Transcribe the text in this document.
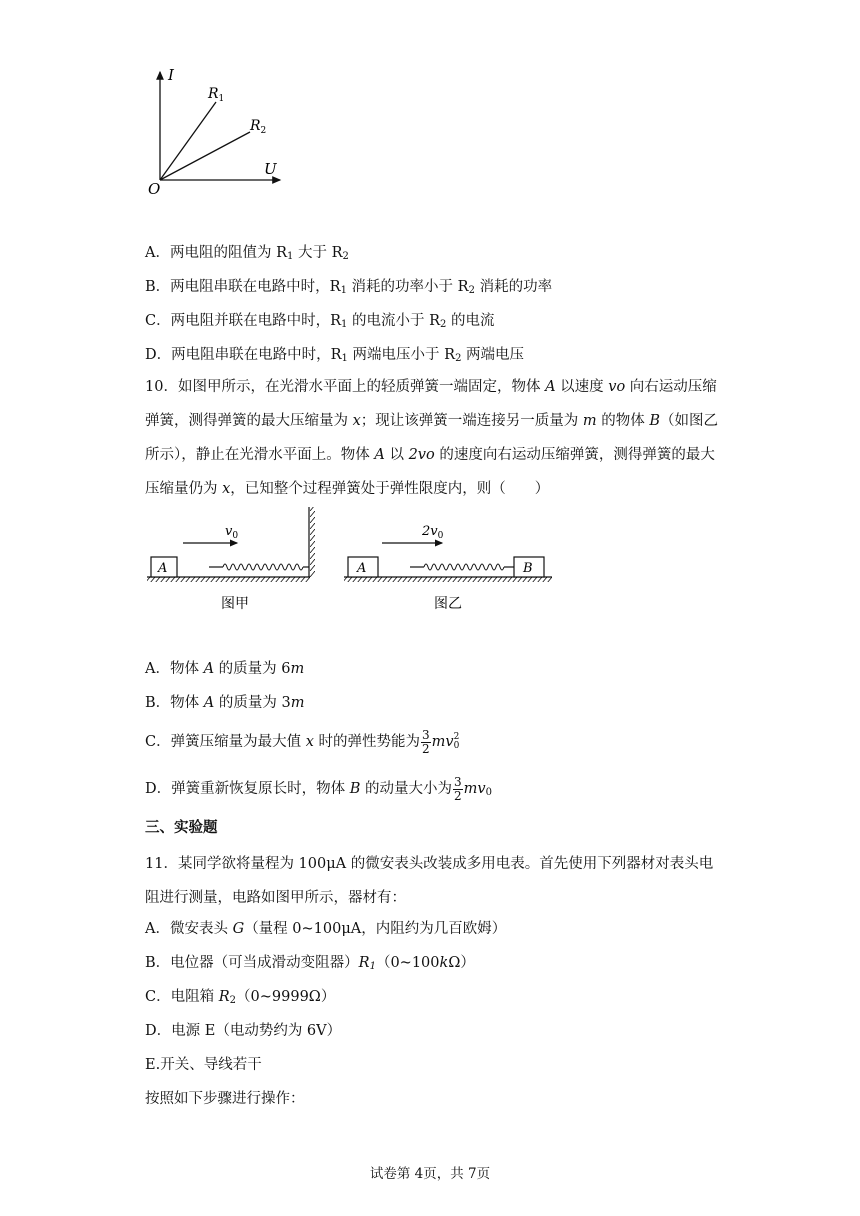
I
U
O
$R_1$
$R_2$
A．两电阻的阻值为 $R_1$ 大于 $R_2$
B．两电阻串联在电路中时，$R_1$ 消耗的功率小于 $R_2$ 消耗的功率
C．两电阻并联在电路中时，$R_1$ 的电流小于 $R_2$ 的电流
D．两电阻串联在电路中时，$R_1$ 两端电压小于 $R_2$ 两端电压
10．如图甲所示，在光滑水平面上的轻质弹簧一端固定，物体 A 以速度 vo 向右运动压缩弹簧，测得弹簧的最大压缩量为 x；现让该弹簧一端连接另一质量为 m 的物体 B（如图乙所示），静止在光滑水平面上。物体 A 以 2vo 的速度向右运动压缩弹簧，测得弹簧的最大压缩量仍为 x，已知整个过程弹簧处于弹性限度内，则（　　）
A
$v_0$
图甲
A	B
$2v_0$
图乙
A．物体 A 的质量为 6m
B．物体 A 的质量为 3m
C．弹簧压缩量为最大值 x 时的弹性势能为 $\frac{3}{2}$ mv 2
0
D．弹簧重新恢复原长时，物体 B 的动量大小为 $\frac{3}{2} mv_0$
三、实验题
11．某同学欲将量程为 100μA 的微安表头改装成多用电表。首先使用下列器材对表头电阻进行测量，电路如图甲所示，器材有：
A．微安表头 G（量程 0~100μA，内阻约为几百欧姆）
B．电位器（可当成滑动变阻器）$R_1(0\sim 100k\Omega)$
C．电阻箱 $R_2(0\sim 9999\Omega)$
D．电源 E（电动势约为 6V）
E.开关、导线若干
按照如下步骤进行操作：
试卷第 4页，共 7页
